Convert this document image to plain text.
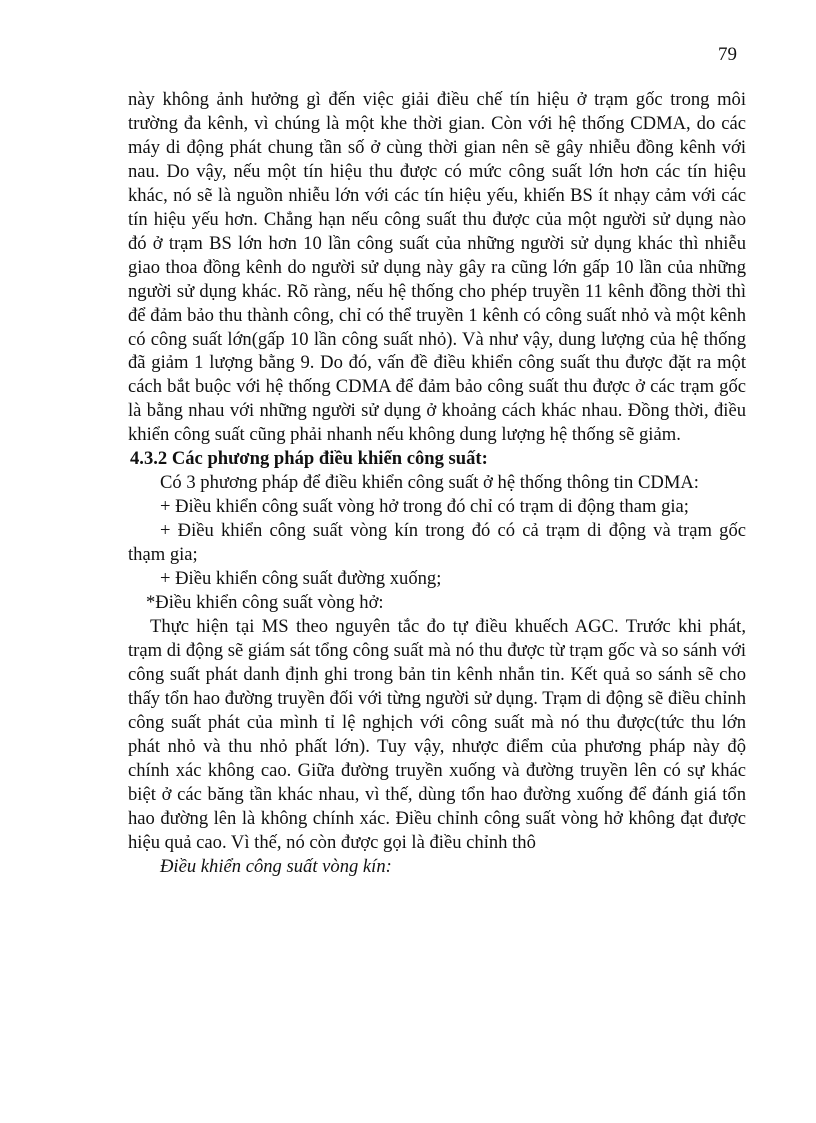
79

này không ảnh hưởng gì đến việc giải điều chế tín hiệu ở trạm gốc trong môi trường đa kênh, vì chúng là một khe thời gian. Còn với hệ thống CDMA, do các máy di động phát chung tần số ở cùng thời gian nên sẽ gây nhiễu đồng kênh với nau. Do vậy, nếu một tín hiệu thu được có mức công suất lớn hơn các tín hiệu khác, nó sẽ là nguồn nhiễu lớn với các tín hiệu yếu, khiến BS ít nhạy cảm với các tín hiệu yếu hơn. Chẳng hạn nếu công suất thu được của một người sử dụng nào đó ở trạm BS lớn hơn 10 lần công suất của những người sử dụng khác thì nhiễu giao thoa đồng kênh do người sử dụng này gây ra cũng lớn gấp 10 lần của những người sử dụng khác. Rõ ràng, nếu hệ thống cho phép truyền 11 kênh đồng thời thì để đảm bảo thu thành công, chỉ có thể truyền 1 kênh có công suất nhỏ và một kênh có công suất lớn(gấp 10 lần công suất nhỏ). Và như vậy, dung lượng của hệ thống đã giảm 1 lượng bằng 9. Do đó, vấn đề điều khiển công suất thu được đặt ra một cách bắt buộc với hệ thống CDMA để đảm bảo công suất thu được ở các trạm gốc là bằng nhau với những người sử dụng ở khoảng cách khác nhau. Đồng thời, điều khiển công suất cũng phải nhanh nếu không dung lượng hệ thống sẽ giảm.

4.3.2 Các phương pháp điều khiển công suất:

Có 3 phương pháp để điều khiển công suất ở hệ thống thông tin CDMA:

+ Điều khiển công suất vòng hở trong đó chỉ có trạm di động tham gia;

+ Điều khiển công suất vòng kín trong đó có cả trạm di động và trạm gốc thạm gia;

+ Điều khiển công suất đường xuống;

*Điều khiển công suất vòng hở:

Thực hiện tại MS theo nguyên tắc đo tự điều khuếch AGC. Trước khi phát, trạm di động sẽ giám sát tổng công suất mà nó thu được từ trạm gốc và so sánh với công suất phát danh định ghi trong bản tin kênh nhắn tin. Kết quả so sánh sẽ cho thấy tổn hao đường truyền đối với từng người sử dụng. Trạm di động sẽ điều chỉnh công suất phát của mình tỉ lệ nghịch với công suất mà nó thu được(tức thu lớn phát nhỏ và thu nhỏ phất lớn). Tuy vậy, nhược điểm của phương pháp này độ chính xác không cao. Giữa đường truyền xuống và đường truyền lên có sự khác biệt ở các băng tần khác nhau, vì thế, dùng tổn hao đường xuống để đánh giá tổn hao đường lên là không chính xác. Điều chỉnh công suất vòng hở không đạt được hiệu quả cao. Vì thế, nó còn được gọi là điều chỉnh thô

Điều khiển công suất vòng kín:
